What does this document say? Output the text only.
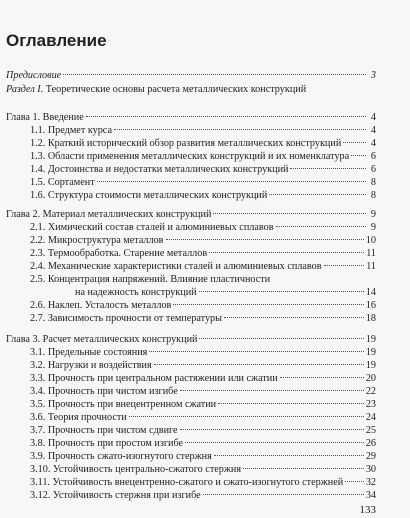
Оглавление
Предисловие	3
Раздел I. Теоретические основы расчета металлических конструкций
Глава 1. Введение	4
1.1. Предмет курса	4
1.2. Краткий исторический обзор развития металлических конструкций	4
1.3. Области применения металлических конструкций и их номенклатура 6
1.4. Достоинства и недостатки металлических конструкций	6
1.5. Сортамент	8
1.6. Структура стоимости металлических конструкций	8
Глава 2. Материал металлических конструкций	9
2.1. Химический состав сталей и алюминиевых сплавов	9
2.2. Микроструктура металлов	10
2.3. Термообработка. Старение металлов	11
2.4. Механические характеристики сталей и алюминиевых сплавов	11
2.5. Концентрация напряжений. Влияние пластичности
на надежность конструкций	14
2.6. Наклеп. Усталость металлов	16
2.7. Зависимость прочности от температуры	18
Глава 3. Расчет металлических конструкций	19
3.1. Предельные состояния	19
3.2. Нагрузки и воздействия	19
3.3. Прочность при центральном растяжении или сжатии	20
3.4. Прочность при чистом изгибе	22
3.5. Прочность при внецентренном сжатии	23
3.6. Теория прочности	24
3.7. Прочность при чистом сдвиге	25
3.8. Прочность при простом изгибе	26
3.9. Прочность сжато-изогнутого стержня	29
3.10. Устойчивость центрально-сжатого стержня	30
3.11. Устойчивость внецентренно-сжатого и сжато-изогнутого стержней 32
3.12. Устойчивость стержня при изгибе	34
133
